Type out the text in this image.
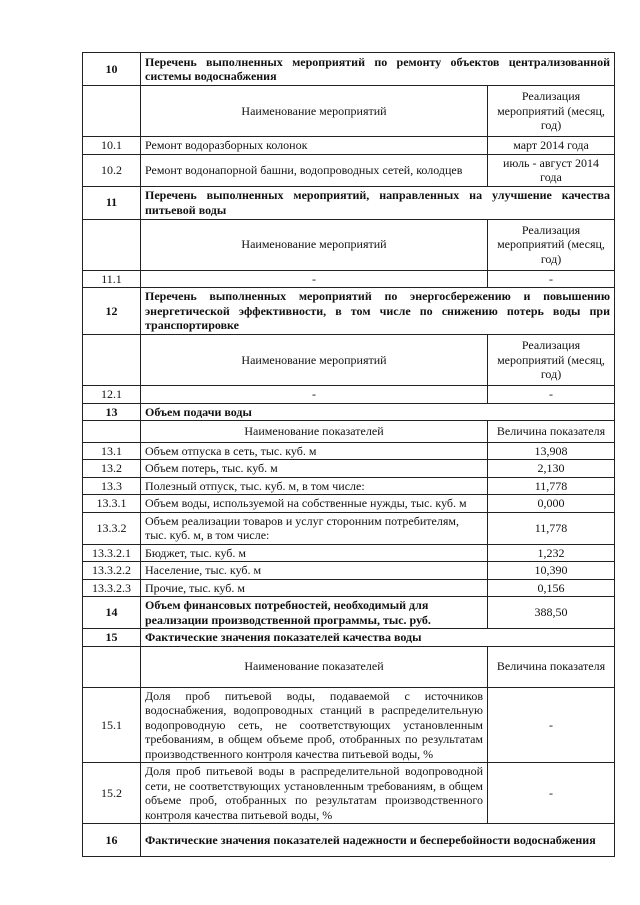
10	Перечень выполненных мероприятий по ремонту объектов централизованной системы водоснабжения	
	Наименование мероприятий	Реализация мероприятий (месяц, год)
10.1	Ремонт водоразборных колонок	март 2014 года
10.2	Ремонт водонапорной башни, водопроводных сетей, колодцев	июль - август 2014 года
11	Перечень выполненных мероприятий, направленных на улучшение качества питьевой воды	
	Наименование мероприятий	Реализация мероприятий (месяц, год)
11.1	-	-
12	Перечень выполненных мероприятий по энергосбережению и повышению энергетической эффективности, в том числе по снижению потерь воды при транспортировке	
	Наименование мероприятий	Реализация мероприятий (месяц, год)
12.1	-	-
13	Объем подачи воды	
	Наименование показателей	Величина показателя
13.1	Объем отпуска в сеть, тыс. куб. м	13,908
13.2	Объем потерь, тыс. куб. м	2,130
13.3	Полезный отпуск, тыс. куб. м, в том числе:	11,778
13.3.1	Объем воды, используемой на собственные нужды, тыс. куб. м	0,000
13.3.2	Объем реализации товаров и услуг сторонним потребителям, тыс. куб. м, в том числе:	11,778
13.3.2.1	Бюджет, тыс. куб. м	1,232
13.3.2.2	Население, тыс. куб. м	10,390
13.3.2.3	Прочие, тыс. куб. м	0,156
14	Объем финансовых потребностей, необходимый для реализации производственной программы, тыс. руб.	388,50
15	Фактические значения показателей качества воды	
	Наименование показателей	Величина показателя
15.1	Доля проб питьевой воды, подаваемой с источников водоснабжения, водопроводных станций в распределительную водопроводную сеть, не соответствующих установленным требованиям, в общем объеме проб, отобранных по результатам производственного контроля качества питьевой воды, %	-
15.2	Доля проб питьевой воды в распределительной водопроводной сети, не соответствующих установленным требованиям, в общем объеме проб, отобранных по результатам производственного контроля качества питьевой воды, %	-
16	Фактические значения показателей надежности и бесперебойности водоснабжения	
